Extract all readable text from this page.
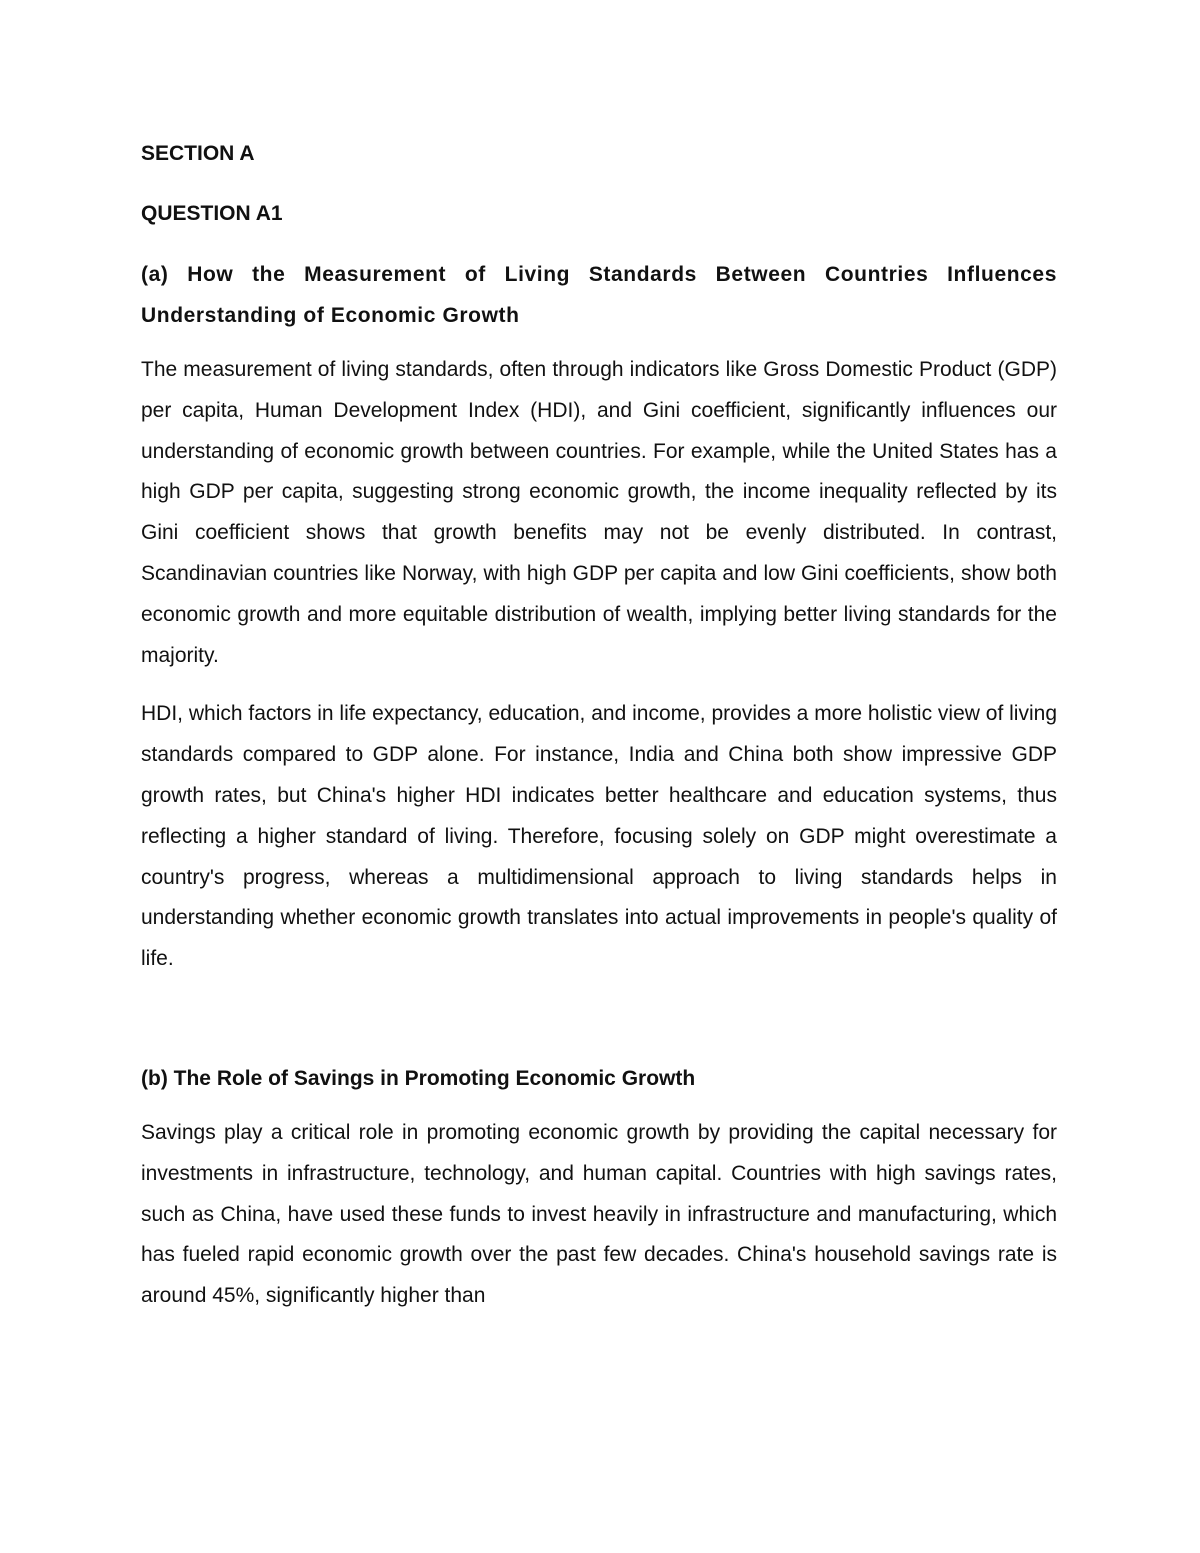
SECTION A

QUESTION A1

(a) How the Measurement of Living Standards Between Countries Influences Understanding of Economic Growth

The measurement of living standards, often through indicators like Gross Domestic Product (GDP) per capita, Human Development Index (HDI), and Gini coefficient, significantly influences our understanding of economic growth between countries. For example, while the United States has a high GDP per capita, suggesting strong economic growth, the income inequality reflected by its Gini coefficient shows that growth benefits may not be evenly distributed. In contrast, Scandinavian countries like Norway, with high GDP per capita and low Gini coefficients, show both economic growth and more equitable distribution of wealth, implying better living standards for the majority.

HDI, which factors in life expectancy, education, and income, provides a more holistic view of living standards compared to GDP alone. For instance, India and China both show impressive GDP growth rates, but China's higher HDI indicates better healthcare and education systems, thus reflecting a higher standard of living. Therefore, focusing solely on GDP might overestimate a country's progress, whereas a multidimensional approach to living standards helps in understanding whether economic growth translates into actual improvements in people's quality of life.

(b) The Role of Savings in Promoting Economic Growth

Savings play a critical role in promoting economic growth by providing the capital necessary for investments in infrastructure, technology, and human capital. Countries with high savings rates, such as China, have used these funds to invest heavily in infrastructure and manufacturing, which has fueled rapid economic growth over the past few decades. China's household savings rate is around 45%, significantly higher than
